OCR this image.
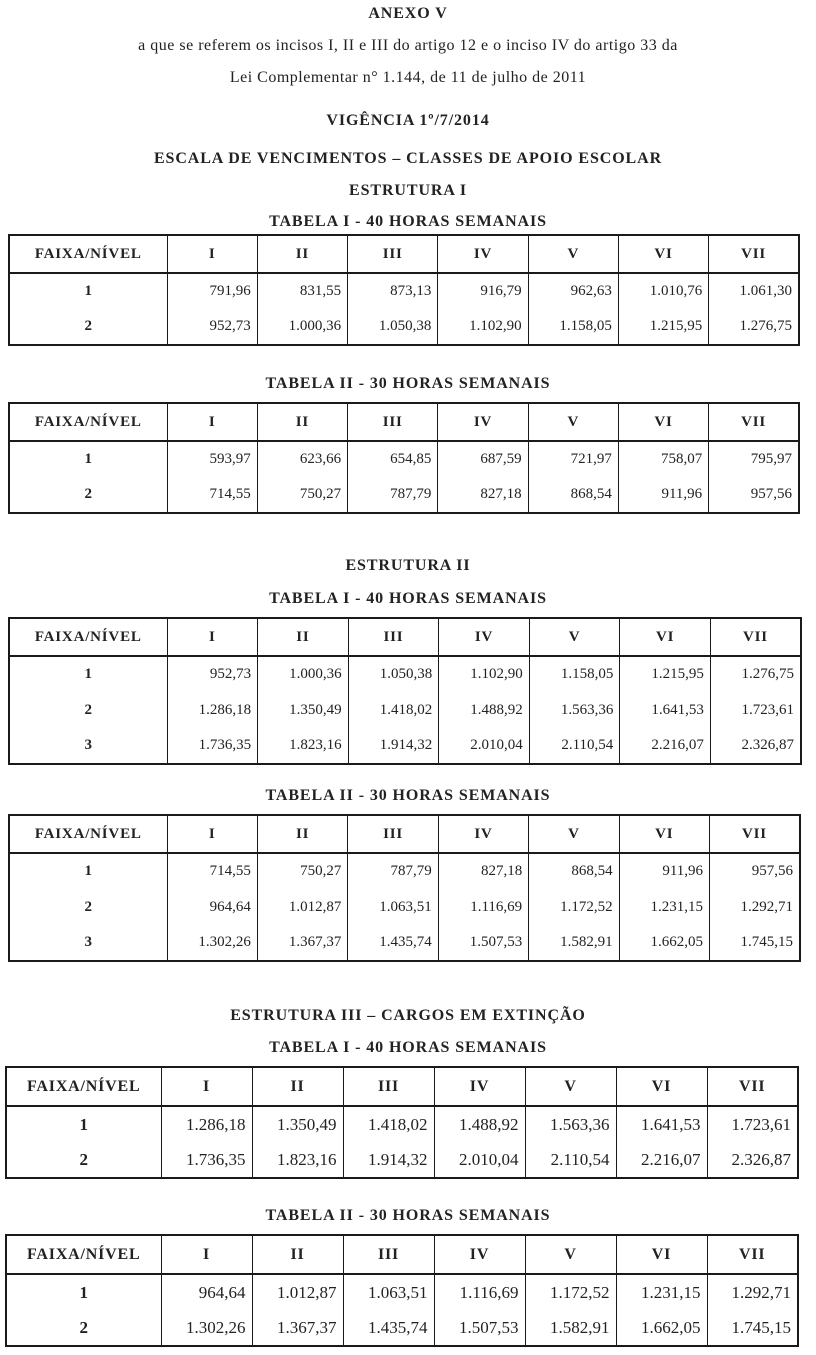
ANEXO V
a que se referem os incisos I, II e III do artigo 12 e o inciso IV do artigo 33 da
Lei Complementar n° 1.144, de 11 de julho de 2011
VIGÊNCIA 1º/7/2014
ESCALA DE VENCIMENTOS – CLASSES DE APOIO ESCOLAR
ESTRUTURA I
TABELA I - 40 HORAS SEMANAIS
FAIXA/NÍVEL	I	II	III	IV	V	VI	VII
1	791,96	831,55	873,13	916,79	962,63	1.010,76	1.061,30
2	952,73	1.000,36	1.050,38	1.102,90	1.158,05	1.215,95	1.276,75
TABELA II - 30 HORAS SEMANAIS
FAIXA/NÍVEL	I	II	III	IV	V	VI	VII
1	593,97	623,66	654,85	687,59	721,97	758,07	795,97
2	714,55	750,27	787,79	827,18	868,54	911,96	957,56
ESTRUTURA II
TABELA I - 40 HORAS SEMANAIS
FAIXA/NÍVEL	I	II	III	IV	V	VI	VII
1	952,73	1.000,36	1.050,38	1.102,90	1.158,05	1.215,95	1.276,75
2	1.286,18	1.350,49	1.418,02	1.488,92	1.563,36	1.641,53	1.723,61
3	1.736,35	1.823,16	1.914,32	2.010,04	2.110,54	2.216,07	2.326,87
TABELA II - 30 HORAS SEMANAIS
FAIXA/NÍVEL	I	II	III	IV	V	VI	VII
1	714,55	750,27	787,79	827,18	868,54	911,96	957,56
2	964,64	1.012,87	1.063,51	1.116,69	1.172,52	1.231,15	1.292,71
3	1.302,26	1.367,37	1.435,74	1.507,53	1.582,91	1.662,05	1.745,15
ESTRUTURA III – CARGOS EM EXTINÇÃO
TABELA I - 40 HORAS SEMANAIS
FAIXA/NÍVEL	I	II	III	IV	V	VI	VII
1	1.286,18	1.350,49	1.418,02	1.488,92	1.563,36	1.641,53	1.723,61
2	1.736,35	1.823,16	1.914,32	2.010,04	2.110,54	2.216,07	2.326,87
TABELA II - 30 HORAS SEMANAIS
FAIXA/NÍVEL	I	II	III	IV	V	VI	VII
1	964,64	1.012,87	1.063,51	1.116,69	1.172,52	1.231,15	1.292,71
2	1.302,26	1.367,37	1.435,74	1.507,53	1.582,91	1.662,05	1.745,15
